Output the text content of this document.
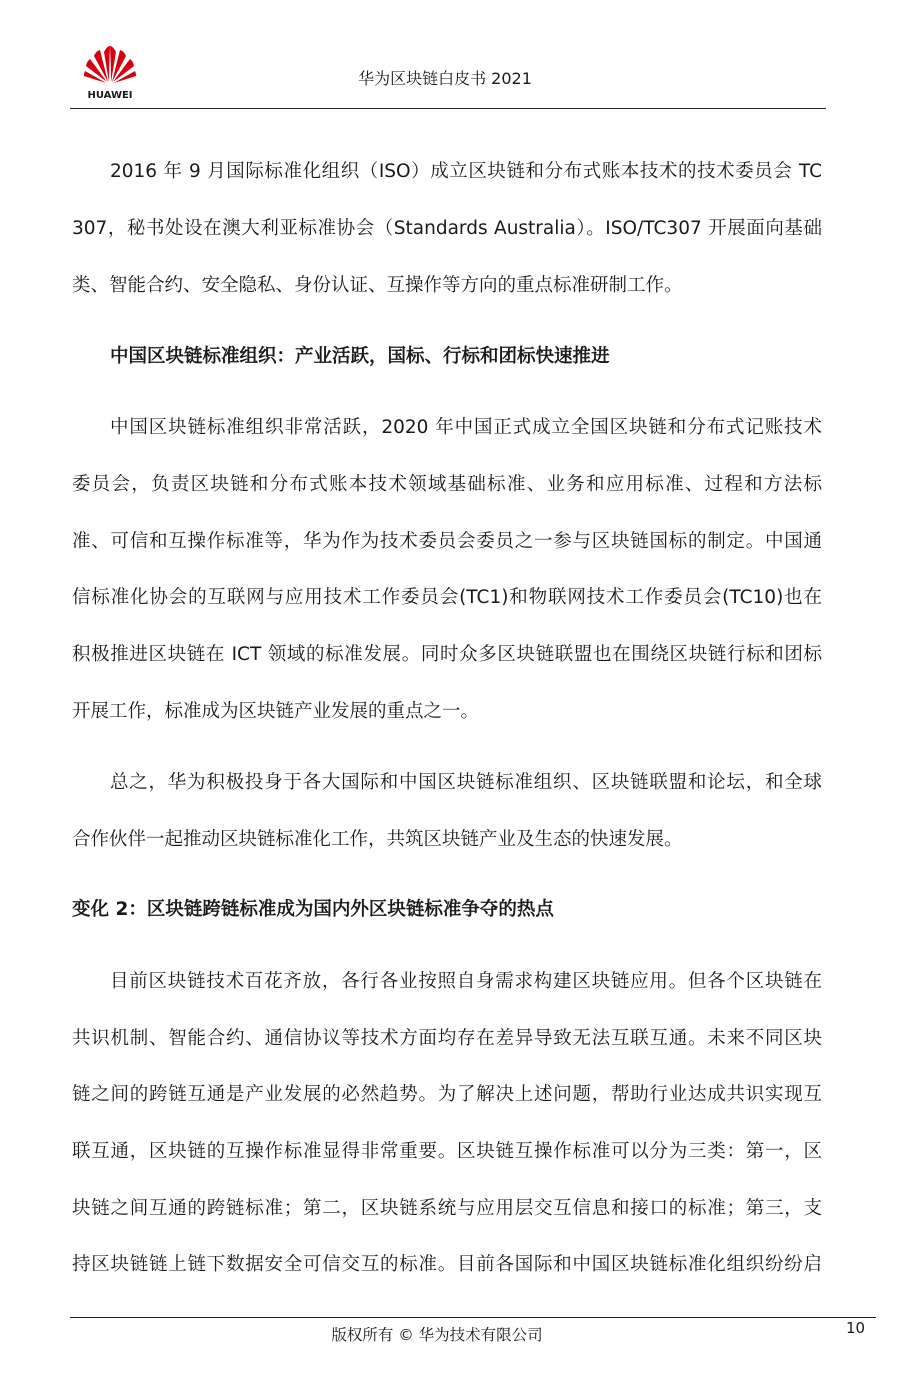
HUAWEI
华为区块链白皮书 2021
2016 年 9 月国际标准化组织（ISO）成立区块链和分布式账本技术的技术委员会 TC
307，秘书处设在澳大利亚标准协会（Standards Australia）。ISO/TC307 开展面向基础
类、智能合约、安全隐私、身份认证、互操作等方向的重点标准研制工作。
中国区块链标准组织：产业活跃，国标、行标和团标快速推进
中国区块链标准组织非常活跃，2020 年中国正式成立全国区块链和分布式记账技术
委员会，负责区块链和分布式账本技术领域基础标准、业务和应用标准、过程和方法标
准、可信和互操作标准等，华为作为技术委员会委员之一参与区块链国标的制定。中国通
信标准化协会的互联网与应用技术工作委员会(TC1)和物联网技术工作委员会(TC10)也在
积极推进区块链在 ICT 领域的标准发展。同时众多区块链联盟也在围绕区块链行标和团标
开展工作，标准成为区块链产业发展的重点之一。
总之，华为积极投身于各大国际和中国区块链标准组织、区块链联盟和论坛，和全球
合作伙伴一起推动区块链标准化工作，共筑区块链产业及生态的快速发展。
变化 2：区块链跨链标准成为国内外区块链标准争夺的热点
目前区块链技术百花齐放，各行各业按照自身需求构建区块链应用。但各个区块链在
共识机制、智能合约、通信协议等技术方面均存在差异导致无法互联互通。未来不同区块
链之间的跨链互通是产业发展的必然趋势。为了解决上述问题，帮助行业达成共识实现互
联互通，区块链的互操作标准显得非常重要。区块链互操作标准可以分为三类：第一，区
块链之间互通的跨链标准；第二，区块链系统与应用层交互信息和接口的标准；第三，支
持区块链链上链下数据安全可信交互的标准。目前各国际和中国区块链标准化组织纷纷启
版权所有 © 华为技术有限公司	10
